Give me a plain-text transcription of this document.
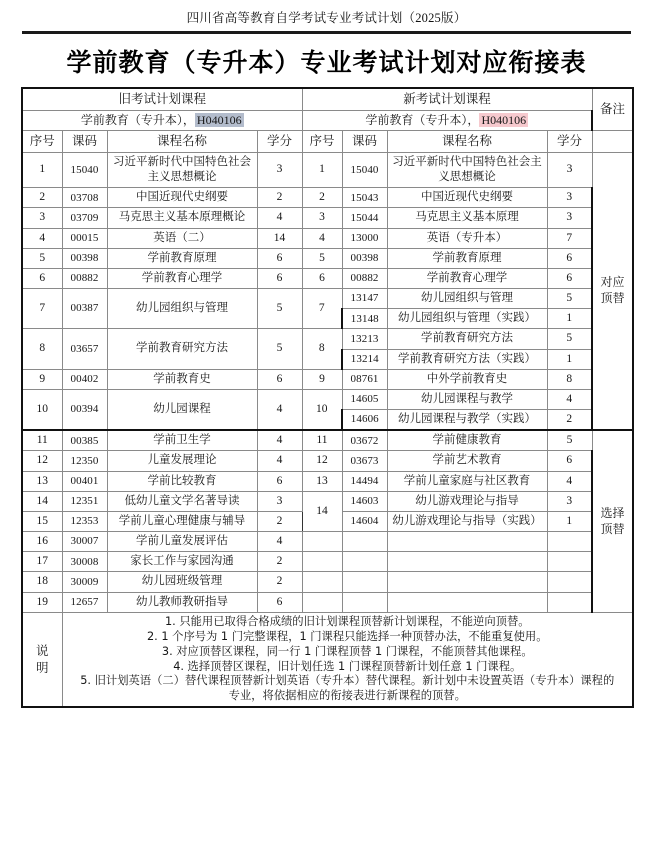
四川省高等教育自学考试专业考试计划（2025版）
学前教育（专升本）专业考试计划对应衔接表
旧考试计划课程				新考试计划课程				备注
学前教育（专升本）， H040106				学前教育（专升本）， H040106				
序号	课码	课程名称	学分	序号	课码	课程名称	学分	
1	15040	习近平新时代中国特色社会主义思想概论	3	1	15040	习近平新时代中国特色社会主义思想概论	3	对应
顶替

2	03708	中国近现代史纲要	2	2	15043	中国近现代史纲要	3	
3	03709	马克思主义基本原理概论	4	3	15044	马克思主义基本原理	3	
4	00015	英语（二）	14	4	13000	英语（专升本）	7	
5	00398	学前教育原理	6	5	00398	学前教育原理	6	
6	00882	学前教育心理学	6	6	00882	学前教育心理学	6	
7	00387	幼儿园组织与管理	5	7	13147	幼儿园组织与管理	5	
					13148	幼儿园组织与管理（实践）	1	
8	03657	学前教育研究方法	5	8	13213	学前教育研究方法	5	
					13214	学前教育研究方法（实践）	1	
9	00402	学前教育史	6	9	08761	中外学前教育史	8	
10	00394	幼儿园课程	4	10	14605	幼儿园课程与教学	4	
					14606	幼儿园课程与教学（实践）	2	
11	00385	学前卫生学	4	11	03672	学前健康教育	5	选择
顶替

12	12350	儿童发展理论	4	12	03673	学前艺术教育	6	
13	00401	学前比较教育	6	13	14494	学前儿童家庭与社区教育	4	
14	12351	低幼儿童文学名著导读	3	14	14603	幼儿游戏理论与指导	3	
15	12353	学前儿童心理健康与辅导	2		14604	幼儿游戏理论与指导（实践）	1	
16	30007	学前儿童发展评估	4					
17	30008	家长工作与家园沟通	2					
18	30009	幼儿园班级管理	2					
19	12657	幼儿教师教研指导	6					

说
明

1. 只能用已取得合格成绩的旧计划课程顶替新计划课程，不能逆向顶替。

2. 1 个序号为 1 门完整课程，1 门课程只能选择一种顶替办法，不能重复使用。

3. 对应顶替区课程，同一行 1 门课程顶替 1 门课程，不能顶替其他课程。

4. 选择顶替区课程，旧计划任选 1 门课程顶替新计划任意 1 门课程。

5. 旧计划英语（二）替代课程顶替新计划英语（专升本）替代课程。新计划中未设置英语（专升本）课程的

专业，将依据相应的衔接表进行新课程的顶替。
